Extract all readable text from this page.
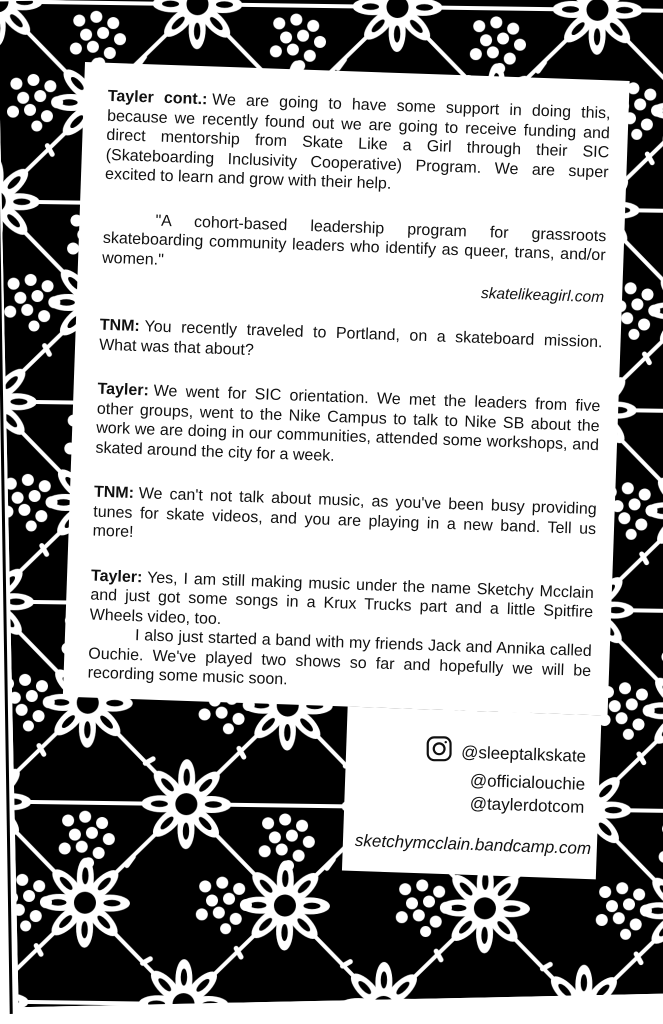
Tayler cont.: We are going to have some support in doing this, because we recently found out we are going to receive funding and direct mentorship from Skate Like a Girl through their SIC (Skateboarding Inclusivity Cooperative) Program. We are super excited to learn and grow with their help.

"A cohort-based leadership program for grassroots skateboarding community leaders who identify as queer, trans, and/or women."

skatelikeagirl.com

TNM: You recently traveled to Portland, on a skateboard mission. What was that about?

Tayler: We went for SIC orientation. We met the leaders from five other groups, went to the Nike Campus to talk to Nike SB about the work we are doing in our communities, attended some workshops, and skated around the city for a week.

TNM: We can't not talk about music, as you've been busy providing tunes for skate videos, and you are playing in a new band. Tell us more!

Tayler: Yes, I am still making music under the name Sketchy Mcclain and just got some songs in a Krux Trucks part and a little Spitfire Wheels video, too.

I also just started a band with my friends Jack and Annika called Ouchie. We've played two shows so far and hopefully we will be recording some music soon.

@sleeptalkskate
@officialouchie
@taylerdotcom
sketchymcclain.bandcamp.com
